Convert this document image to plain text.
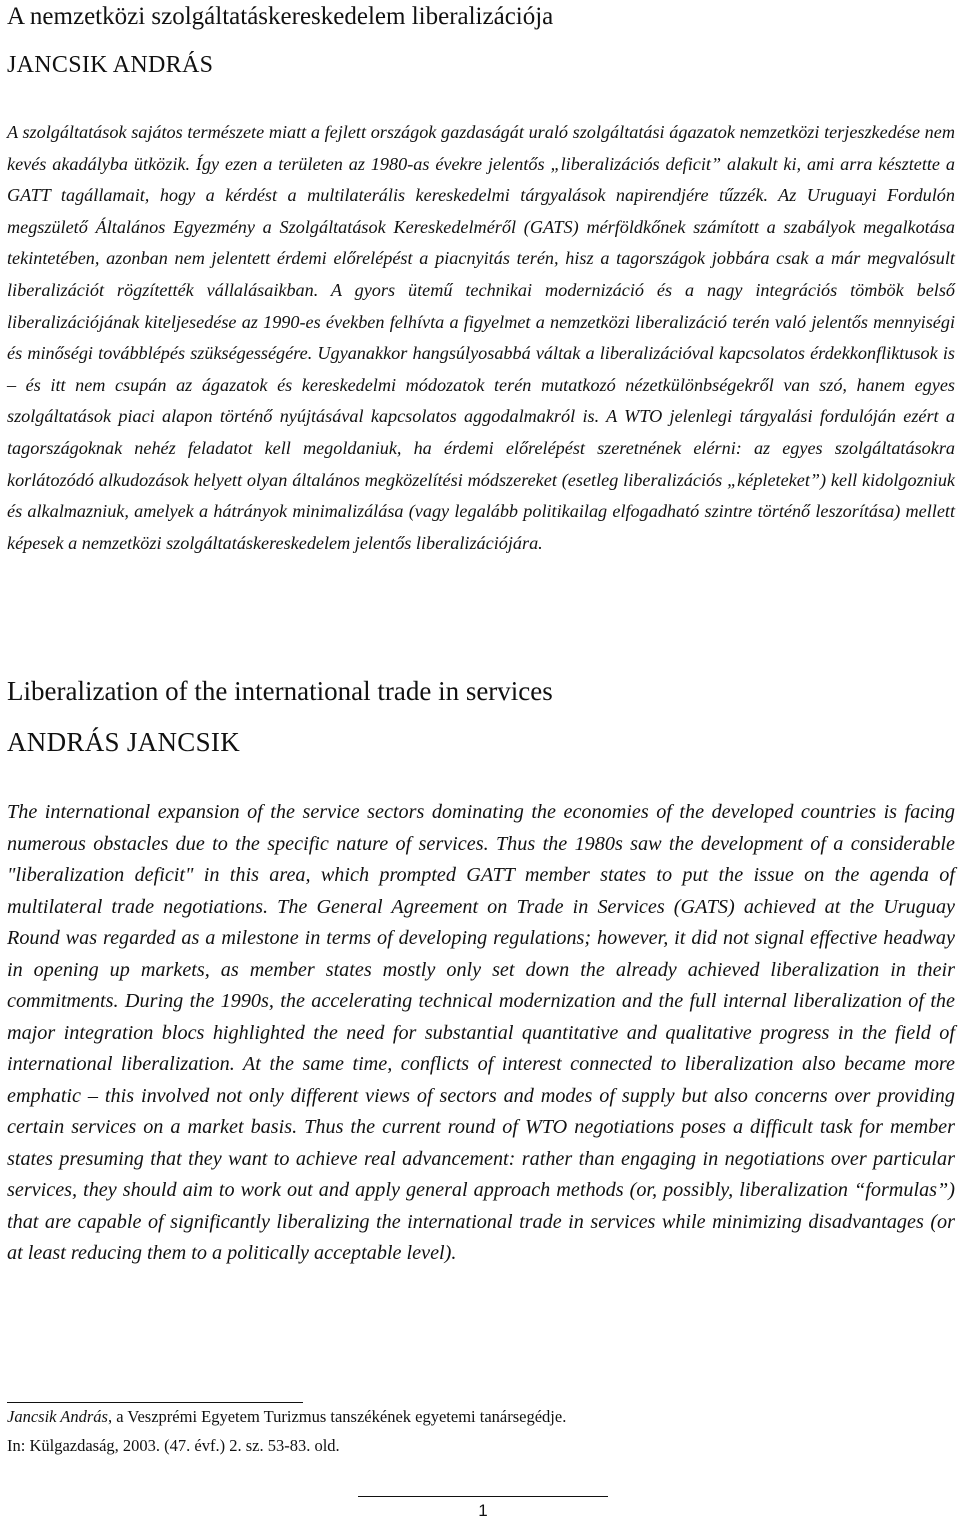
A nemzetközi szolgáltatáskereskedelem liberalizációja
JANCSIK ANDRÁS

A szolgáltatások sajátos természete miatt a fejlett országok gazdaságát uraló szolgáltatási ágazatok nemzetközi terjeszkedése nem kevés akadályba ütközik. Így ezen a területen az 1980-as évekre jelentős „liberalizációs deficit” alakult ki, ami arra késztette a GATT tagállamait, hogy a kérdést a multilaterális kereskedelmi tárgyalások napirendjére tűzzék. Az Uruguayi Fordulón megszülető Általános Egyezmény a Szolgáltatások Kereskedelméről (GATS) mérföldkőnek számított a szabályok megalkotása tekintetében, azonban nem jelentett érdemi előrelépést a piacnyitás terén, hisz a tagországok jobbára csak a már megvalósult liberalizációt rögzítették vállalásaikban. A gyors ütemű technikai modernizáció és a nagy integrációs tömbök belső liberalizációjának kiteljesedése az 1990-es években felhívta a figyelmet a nemzetközi liberalizáció terén való jelentős mennyiségi és minőségi továbblépés szükségességére. Ugyanakkor hangsúlyosabbá váltak a liberalizációval kapcsolatos érdekkonfliktusok is – és itt nem csupán az ágazatok és kereskedelmi módozatok terén mutatkozó nézetkülönbségekről van szó, hanem egyes szolgáltatások piaci alapon történő nyújtásával kapcsolatos aggodalmakról is. A WTO jelenlegi tárgyalási fordulóján ezért a tagországoknak nehéz feladatot kell megoldaniuk, ha érdemi előrelépést szeretnének elérni: az egyes szolgáltatásokra korlátozódó alkudozások helyett olyan általános megközelítési módszereket (esetleg liberalizációs „képleteket”) kell kidolgozniuk és alkalmazniuk, amelyek a hátrányok minimalizálása (vagy legalább politikailag elfogadható szintre történő leszorítása) mellett képesek a nemzetközi szolgáltatáskereskedelem jelentős liberalizációjára.

Liberalization of the international trade in services
ANDRÁS JANCSIK

The international expansion of the service sectors dominating the economies of the developed countries is facing numerous obstacles due to the specific nature of services. Thus the 1980s saw the development of a considerable "liberalization deficit" in this area, which prompted GATT member states to put the issue on the agenda of multilateral trade negotiations. The General Agreement on Trade in Services (GATS) achieved at the Uruguay Round was regarded as a milestone in terms of developing regulations; however, it did not signal effective headway in opening up markets, as member states mostly only set down the already achieved liberalization in their commitments. During the 1990s, the accelerating technical modernization and the full internal liberalization of the major integration blocs highlighted the need for substantial quantitative and qualitative progress in the field of international liberalization. At the same time, conflicts of interest connected to liberalization also became more emphatic – this involved not only different views of sectors and modes of supply but also concerns over providing certain services on a market basis. Thus the current round of WTO negotiations poses a difficult task for member states presuming that they want to achieve real advancement: rather than engaging in negotiations over particular services, they should aim to work out and apply general approach methods (or, possibly, liberalization “formulas”) that are capable of significantly liberalizing the international trade in services while minimizing disadvantages (or at least reducing them to a politically acceptable level).

Jancsik András, a Veszprémi Egyetem Turizmus tanszékének egyetemi tanársegédje.
In: Külgazdaság, 2003. (47. évf.) 2. sz. 53-83. old.
1
